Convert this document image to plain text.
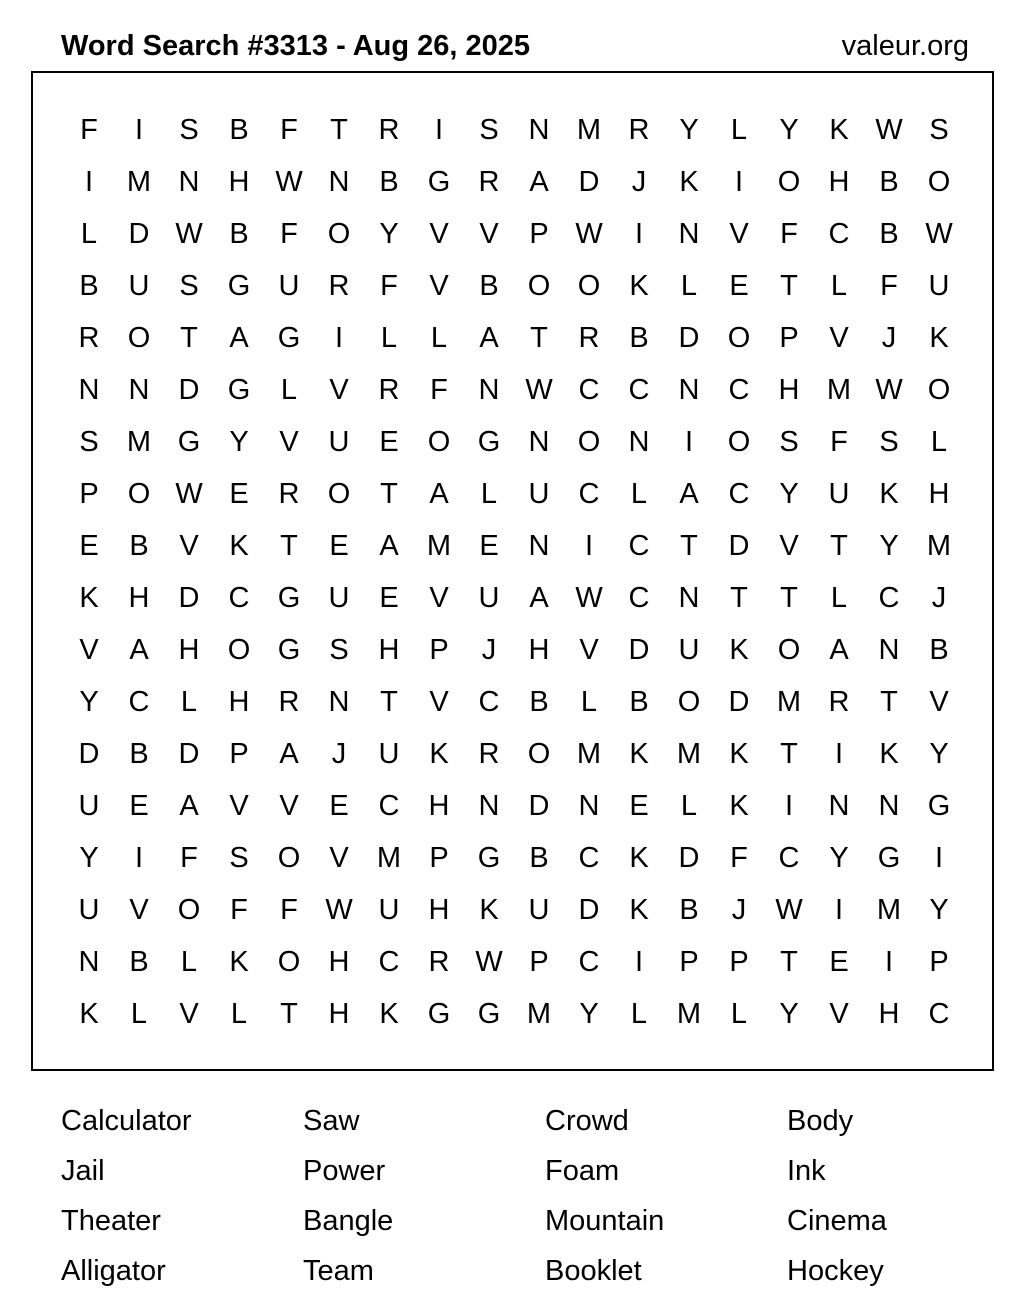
Word Search #3313 - Aug 26, 2025	valeur.org
F	I	S	B	F	T	R	I	S	N M R	Y	L	Y	K W S
I	M N	H W N	B	G R	A	D	J	K	I	O H	B	O
L	D W B	F	O	Y	V	V	P W	I	N	V	F	C	B W
B	U	S	G U	R	F	V	B	O O	K	L	E	T	L	F	U
R O	T	A	G	I	L	L	A	T	R	B	D O	P	V	J	K
N	N	D G	L	V	R	F	N W C	C	N	C	H M W O
S M G	Y	V	U	E	O G N O N	I	O	S	F	S	L
P	O W E	R O	T	A	L	U	C	L	A	C	Y	U	K	H
E	B	V	K	T	E	A M E	N	I	C	T	D	V	T	Y M
K	H	D	C G U	E	V	U	A W C	N	T	T	L	C	J
V	A	H O G	S	H	P	J	H	V	D	U	K	O	A	N	B
Y	C	L	H	R	N	T	V	C	B	L	B	O D M R	T	V
D	B	D	P	A	J	U	K	R O M K M K	T	I	K	Y
U	E	A	V	V	E	C	H	N	D	N	E	L	K	I	N	N G
Y	I	F	S	O	V M P	G	B	C	K	D	F	C	Y	G	I
U	V	O	F	F W U	H	K	U	D	K	B	J	W	I	M Y
N	B	L	K	O H	C	R W P	C	I	P	P	T	E	I	P
K	L	V	L	T	H	K	G G M Y	L	M	L	Y	V	H	C
Calculator	Saw	Crowd	Body
Jail	Power	Foam	Ink
Theater	Bangle	Mountain	Cinema
Alligator	Team	Booklet	Hockey
